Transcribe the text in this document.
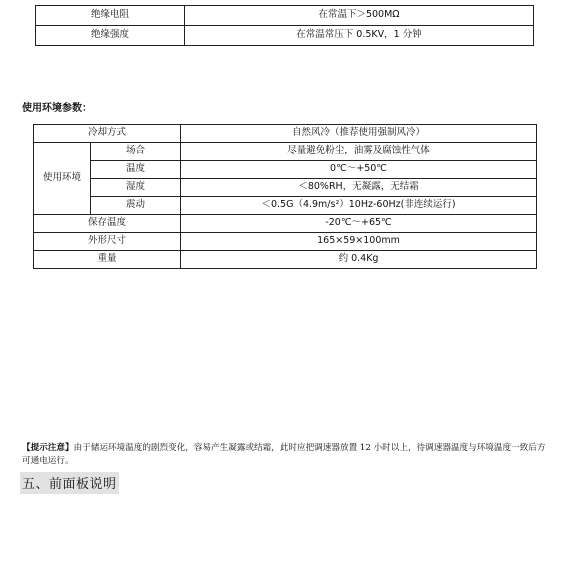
绝缘电阻	在常温下＞500MΩ
绝缘强度	在常温常压下 0.5KV，1 分钟
使用环境参数：
冷却方式		自然风冷（推荐使用强制风冷）
使用环境	场合	尽量避免粉尘，油雾及腐蚀性气体
	温度	0℃～+50℃
	湿度	＜80%RH，无凝露，无结霜
	震动	＜0.5G（4.9m/s²）10Hz-60Hz(非连续运行)
保存温度		-20℃～+65℃
外形尺寸		165×59×100mm
重量		约 0.4Kg
【提示注意】由于储运环境温度的剧烈变化，容易产生凝露或结霜，此时应把调速器放置 12 小时以上，待调速器温度与环境温度一致后方可通电运行。
五、前面板说明
